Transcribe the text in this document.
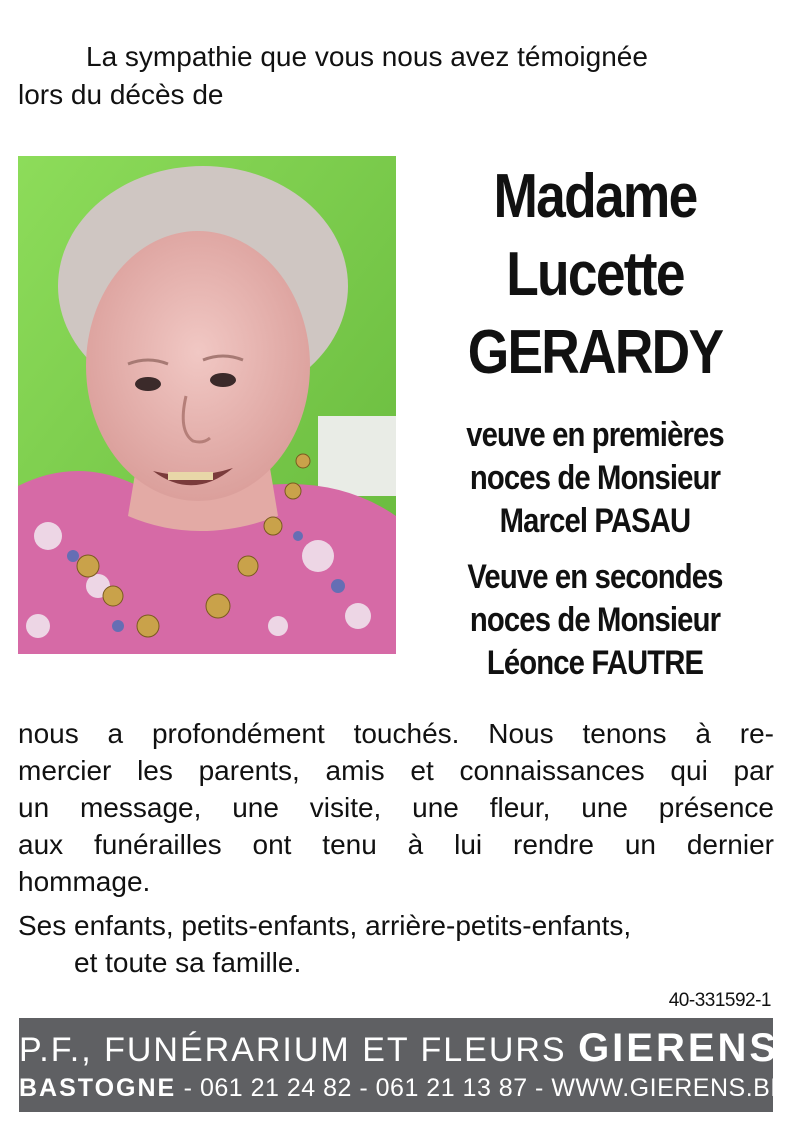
La sympathie que vous nous avez témoignée
lors du décès de

Madame
Lucette
GERARDY
veuve en premières
noces de Monsieur
Marcel PASAU
Veuve en secondes
noces de Monsieur
Léonce FAUTRE

nous a profondément touchés. Nous tenons à re-
mercier les parents, amis et connaissances qui par
un message, une visite, une fleur, une présence
aux funérailles ont tenu à lui rendre un dernier
hommage.

Ses enfants, petits-enfants, arrière-petits-enfants,
et toute sa famille.

40-331592-1
P.F., FUNÉRARIUM ET FLEURS GIERENS
BASTOGNE - 061 21 24 82 - 061 21 13 87 - WWW.GIERENS.BE
